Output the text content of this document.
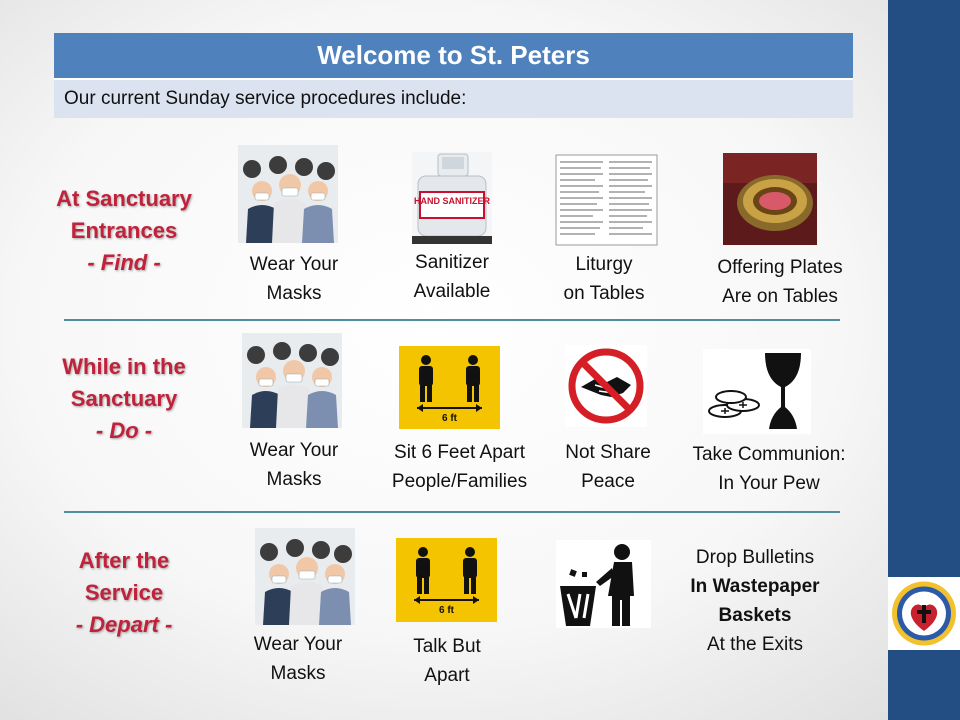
Welcome to St. Peters
Our current Sunday service procedures include:
At Sanctuary
Entrances
- Find -
While in the
Sanctuary
- Do -
After the
Service
- Depart -
HAND SANITIZER
Wear Your
Masks
Sanitizer
Available
Liturgy
on Tables
Offering Plates
Are on Tables
6 ft
Wear Your
Masks
Sit 6 Feet Apart
People/Families
Not Share
Peace
Take Communion:
In Your Pew
6 ft
Wear Your
Masks
Talk But
Apart
Drop Bulletins
In Wastepaper
Baskets
At the Exits
